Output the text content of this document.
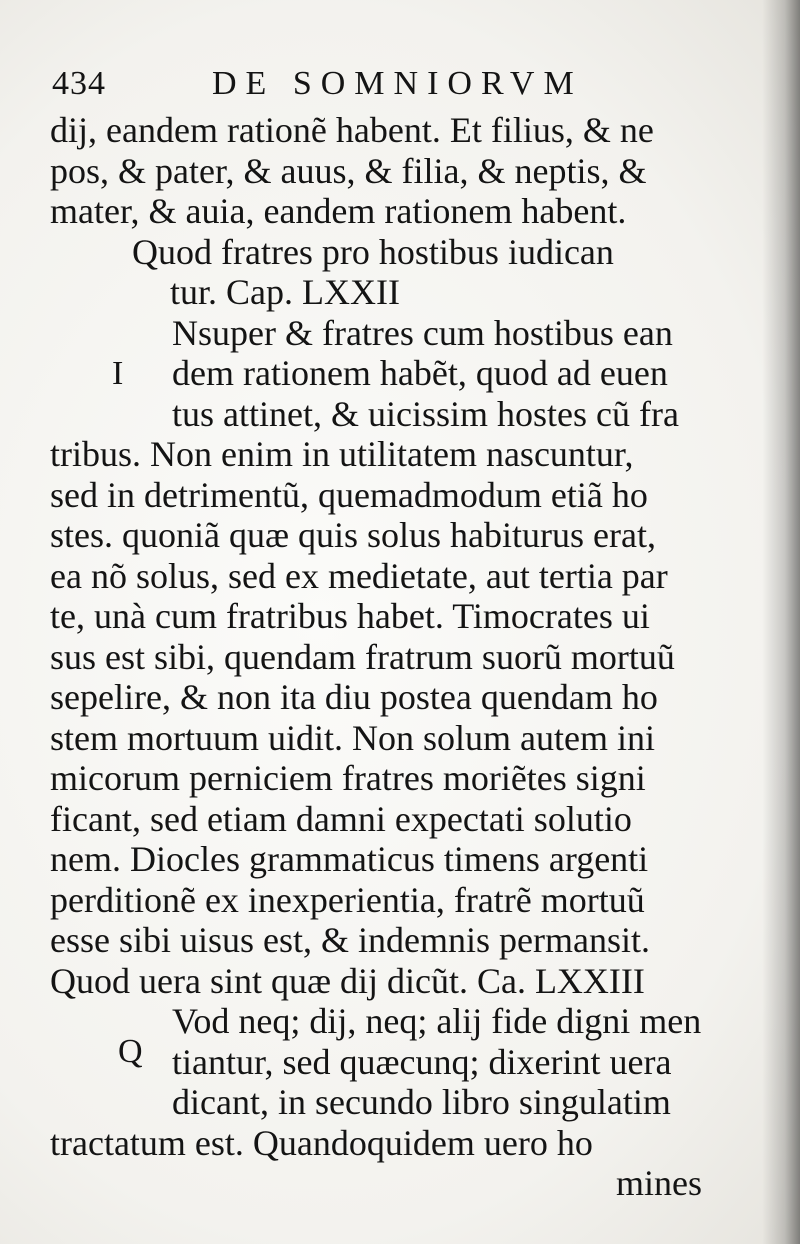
434	DE SOMNIORVM
dij, eandem rationẽ habent. Et filius, & ne
pos, & pater, & auus, & filia, & neptis, &
mater, & auia, eandem rationem habent.
Quod fratres pro hostibus iudican
tur. Cap. LXXII
Nsuper & fratres cum hostibus ean
dem rationem habẽt, quod ad euen
tus attinet, & uicissim hostes cũ fra
tribus. Non enim in utilitatem nascuntur,
sed in detrimentũ, quemadmodum etiã ho
stes. quoniã quæ quis solus habiturus erat,
ea nõ solus, sed ex medietate, aut tertia par
te, unà cum fratribus habet. Timocrates ui
sus est sibi, quendam fratrum suorũ mortuũ
sepelire, & non ita diu postea quendam ho
stem mortuum uidit. Non solum autem ini
micorum perniciem fratres moriẽtes signi
ficant, sed etiam damni expectati solutio
nem. Diocles grammaticus timens argenti
perditionẽ ex inexperientia, fratrẽ mortuũ
esse sibi uisus est, & indemnis permansit.
Quod uera sint quæ dij dicũt. Ca. LXXIII
Vod neq; dij, neq; alij fide digni men
tiantur, sed quæcunq; dixerint uera
dicant, in secundo libro singulatim
tractatum est. Quandoquidem uero ho
mines
I
Q
